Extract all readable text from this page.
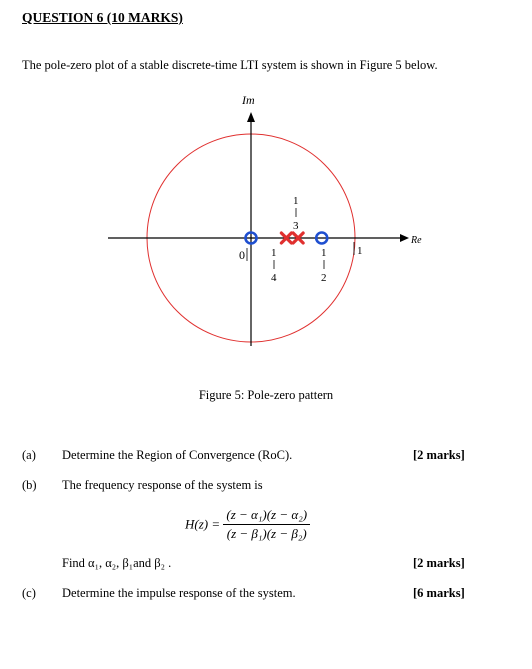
QUESTION 6 (10 MARKS)
The pole-zero plot of a stable discrete-time LTI system is shown in Figure 5 below.
Im
Re
0	1
1
4
1
3
1
2
Figure 5: Pole-zero pattern
(a) Determine the Region of Convergence (RoC).	[2 marks]
(b) The frequency response of the system is
$H(z) = \frac{\text{(z − α₁)(z − α₂)}}{\text{(z − β₁)(z − β₂)}}$
Find α₁, α₂, β₁and β₂ .	[2 marks]
(c) Determine the impulse response of the system.	[6 marks]
